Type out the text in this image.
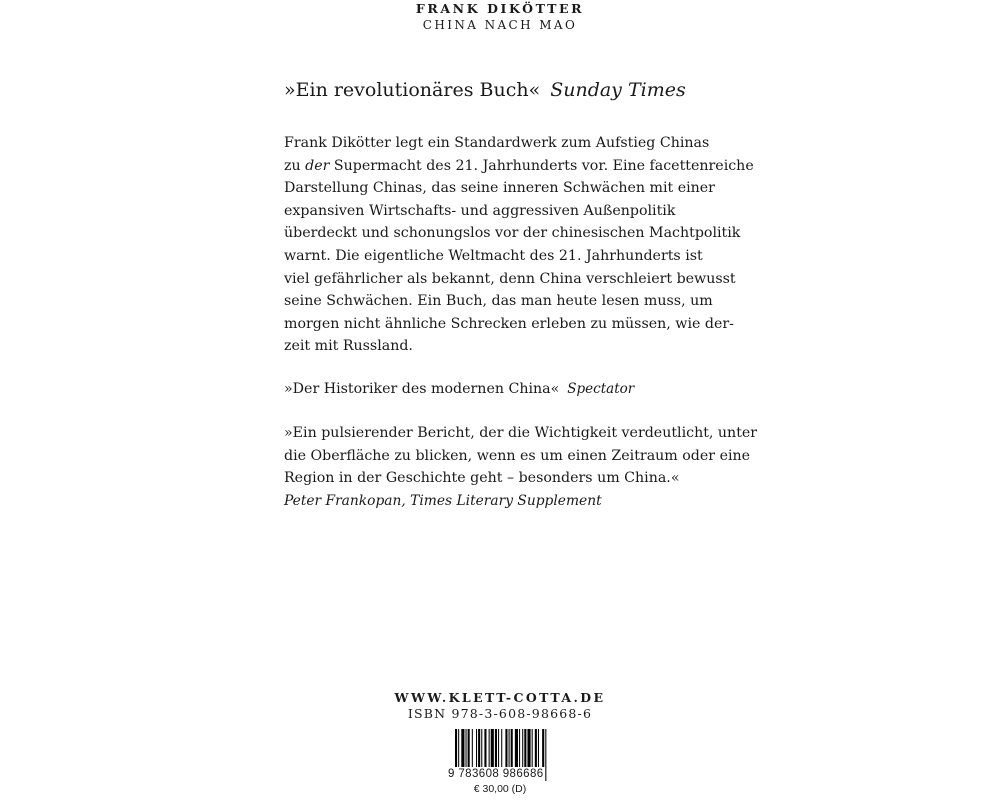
FRANK DIKÖTTER
CHINA NACH MAO

»Ein revolutionäres Buch« Sunday Times

Frank Dikötter legt ein Standardwerk zum Aufstieg Chinas
zu der Supermacht des 21. Jahrhunderts vor. Eine facettenreiche
Darstellung Chinas, das seine inneren Schwächen mit einer
expansiven Wirtschafts- und aggressiven Außenpolitik
überdeckt und schonungslos vor der chinesischen Machtpolitik
warnt. Die eigentliche Weltmacht des 21. Jahrhunderts ist
viel gefährlicher als bekannt, denn China verschleiert bewusst
seine Schwächen. Ein Buch, das man heute lesen muss, um
morgen nicht ähnliche Schrecken erleben zu müssen, wie der-
zeit mit Russland.

»Der Historiker des modernen China« Spectator

»Ein pulsierender Bericht, der die Wichtigkeit verdeutlicht, unter
die Oberfläche zu blicken, wenn es um einen Zeitraum oder eine
Region in der Geschichte geht – besonders um China.«
Peter Frankopan, Times Literary Supplement

WWW.KLETT-COTTA.DE
ISBN 978-3-608-98668-6
9 783608 986686
€ 30,00 (D)
